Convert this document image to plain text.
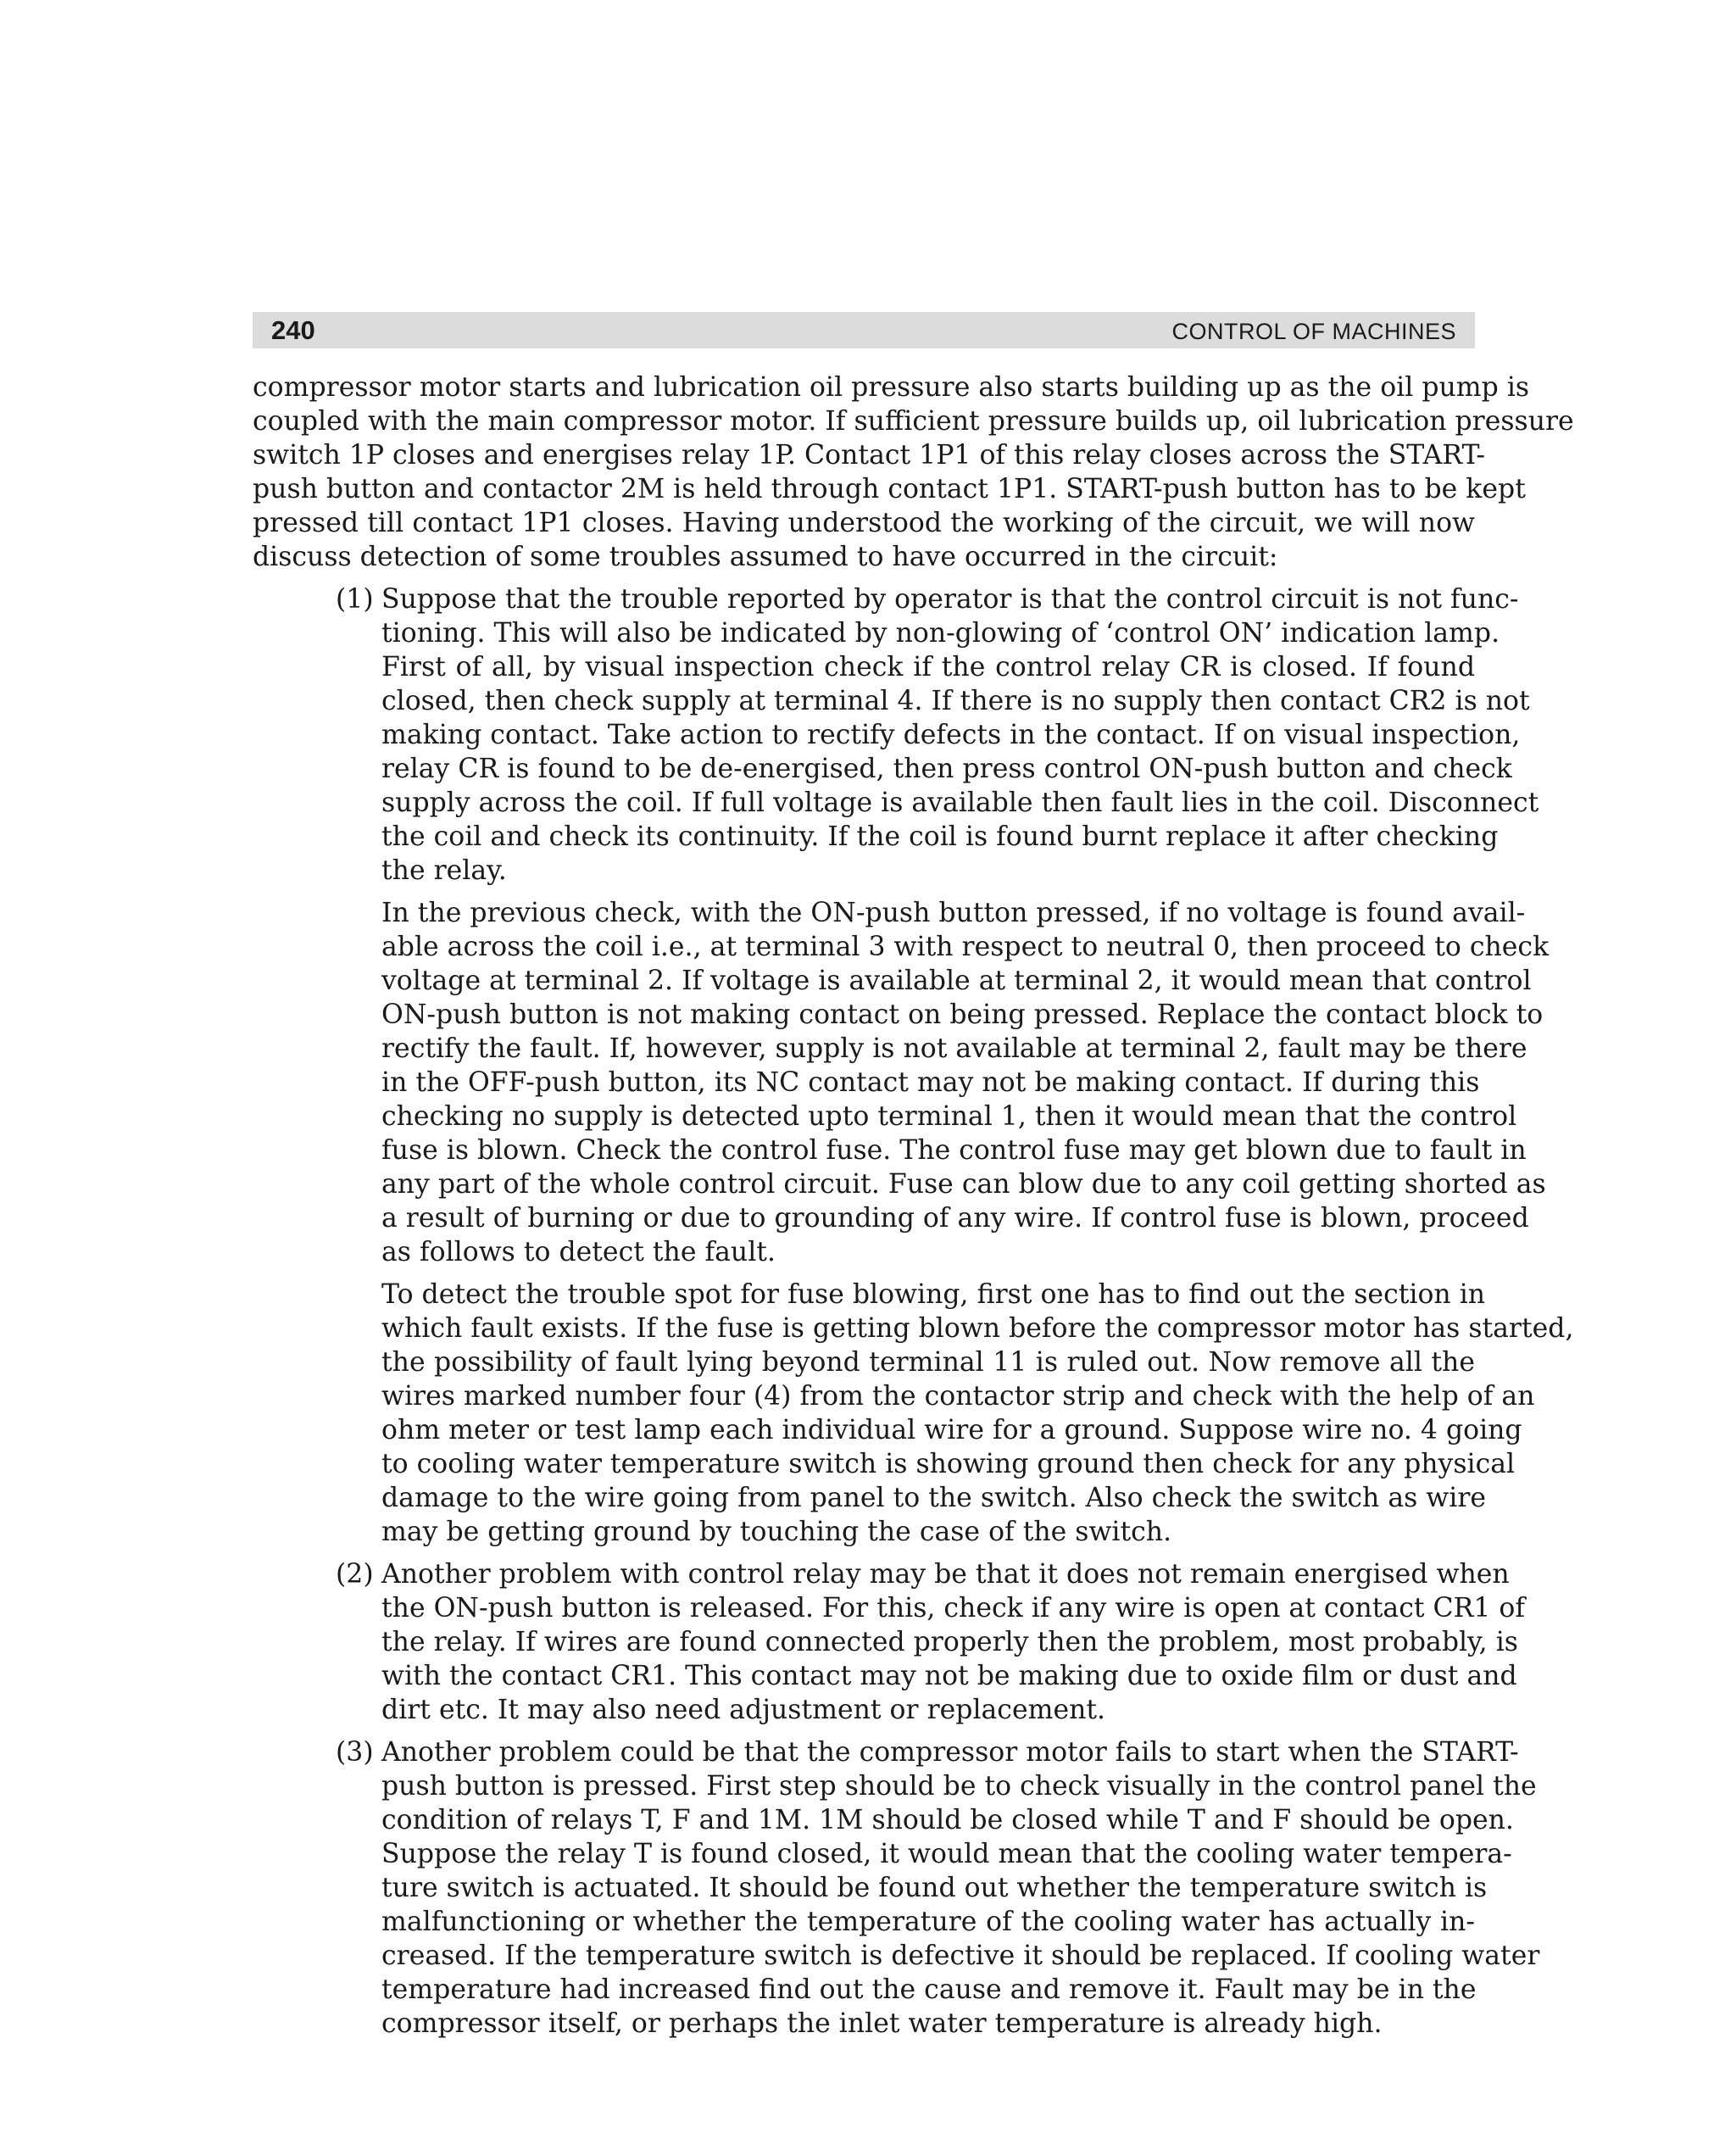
240	CONTROL OF MACHINES
compressor motor starts and lubrication oil pressure also starts building up as the oil pump is
coupled with the main compressor motor. If sufficient pressure builds up, oil lubrication pressure
switch 1P closes and energises relay 1P. Contact 1P1 of this relay closes across the START-
push button and contactor 2M is held through contact 1P1. START-push button has to be kept
pressed till contact 1P1 closes. Having understood the working of the circuit, we will now
discuss detection of some troubles assumed to have occurred in the circuit:
(1) Suppose that the trouble reported by operator is that the control circuit is not func-
tioning. This will also be indicated by non-glowing of ‘control ON’ indication lamp.
First of all, by visual inspection check if the control relay CR is closed. If found
closed, then check supply at terminal 4. If there is no supply then contact CR2 is not
making contact. Take action to rectify defects in the contact. If on visual inspection,
relay CR is found to be de-energised, then press control ON-push button and check
supply across the coil. If full voltage is available then fault lies in the coil. Disconnect
the coil and check its continuity. If the coil is found burnt replace it after checking
the relay.
In the previous check, with the ON-push button pressed, if no voltage is found avail-
able across the coil i.e., at terminal 3 with respect to neutral 0, then proceed to check
voltage at terminal 2. If voltage is available at terminal 2, it would mean that control
ON-push button is not making contact on being pressed. Replace the contact block to
rectify the fault. If, however, supply is not available at terminal 2, fault may be there
in the OFF-push button, its NC contact may not be making contact. If during this
checking no supply is detected upto terminal 1, then it would mean that the control
fuse is blown. Check the control fuse. The control fuse may get blown due to fault in
any part of the whole control circuit. Fuse can blow due to any coil getting shorted as
a result of burning or due to grounding of any wire. If control fuse is blown, proceed
as follows to detect the fault.
To detect the trouble spot for fuse blowing, first one has to find out the section in
which fault exists. If the fuse is getting blown before the compressor motor has started,
the possibility of fault lying beyond terminal 11 is ruled out. Now remove all the
wires marked number four (4) from the contactor strip and check with the help of an
ohm meter or test lamp each individual wire for a ground. Suppose wire no. 4 going
to cooling water temperature switch is showing ground then check for any physical
damage to the wire going from panel to the switch. Also check the switch as wire
may be getting ground by touching the case of the switch.
(2) Another problem with control relay may be that it does not remain energised when
the ON-push button is released. For this, check if any wire is open at contact CR1 of
the relay. If wires are found connected properly then the problem, most probably, is
with the contact CR1. This contact may not be making due to oxide film or dust and
dirt etc. It may also need adjustment or replacement.
(3) Another problem could be that the compressor motor fails to start when the START-
push button is pressed. First step should be to check visually in the control panel the
condition of relays T, F and 1M. 1M should be closed while T and F should be open.
Suppose the relay T is found closed, it would mean that the cooling water tempera-
ture switch is actuated. It should be found out whether the temperature switch is
malfunctioning or whether the temperature of the cooling water has actually in-
creased. If the temperature switch is defective it should be replaced. If cooling water
temperature had increased find out the cause and remove it. Fault may be in the
compressor itself, or perhaps the inlet water temperature is already high.
